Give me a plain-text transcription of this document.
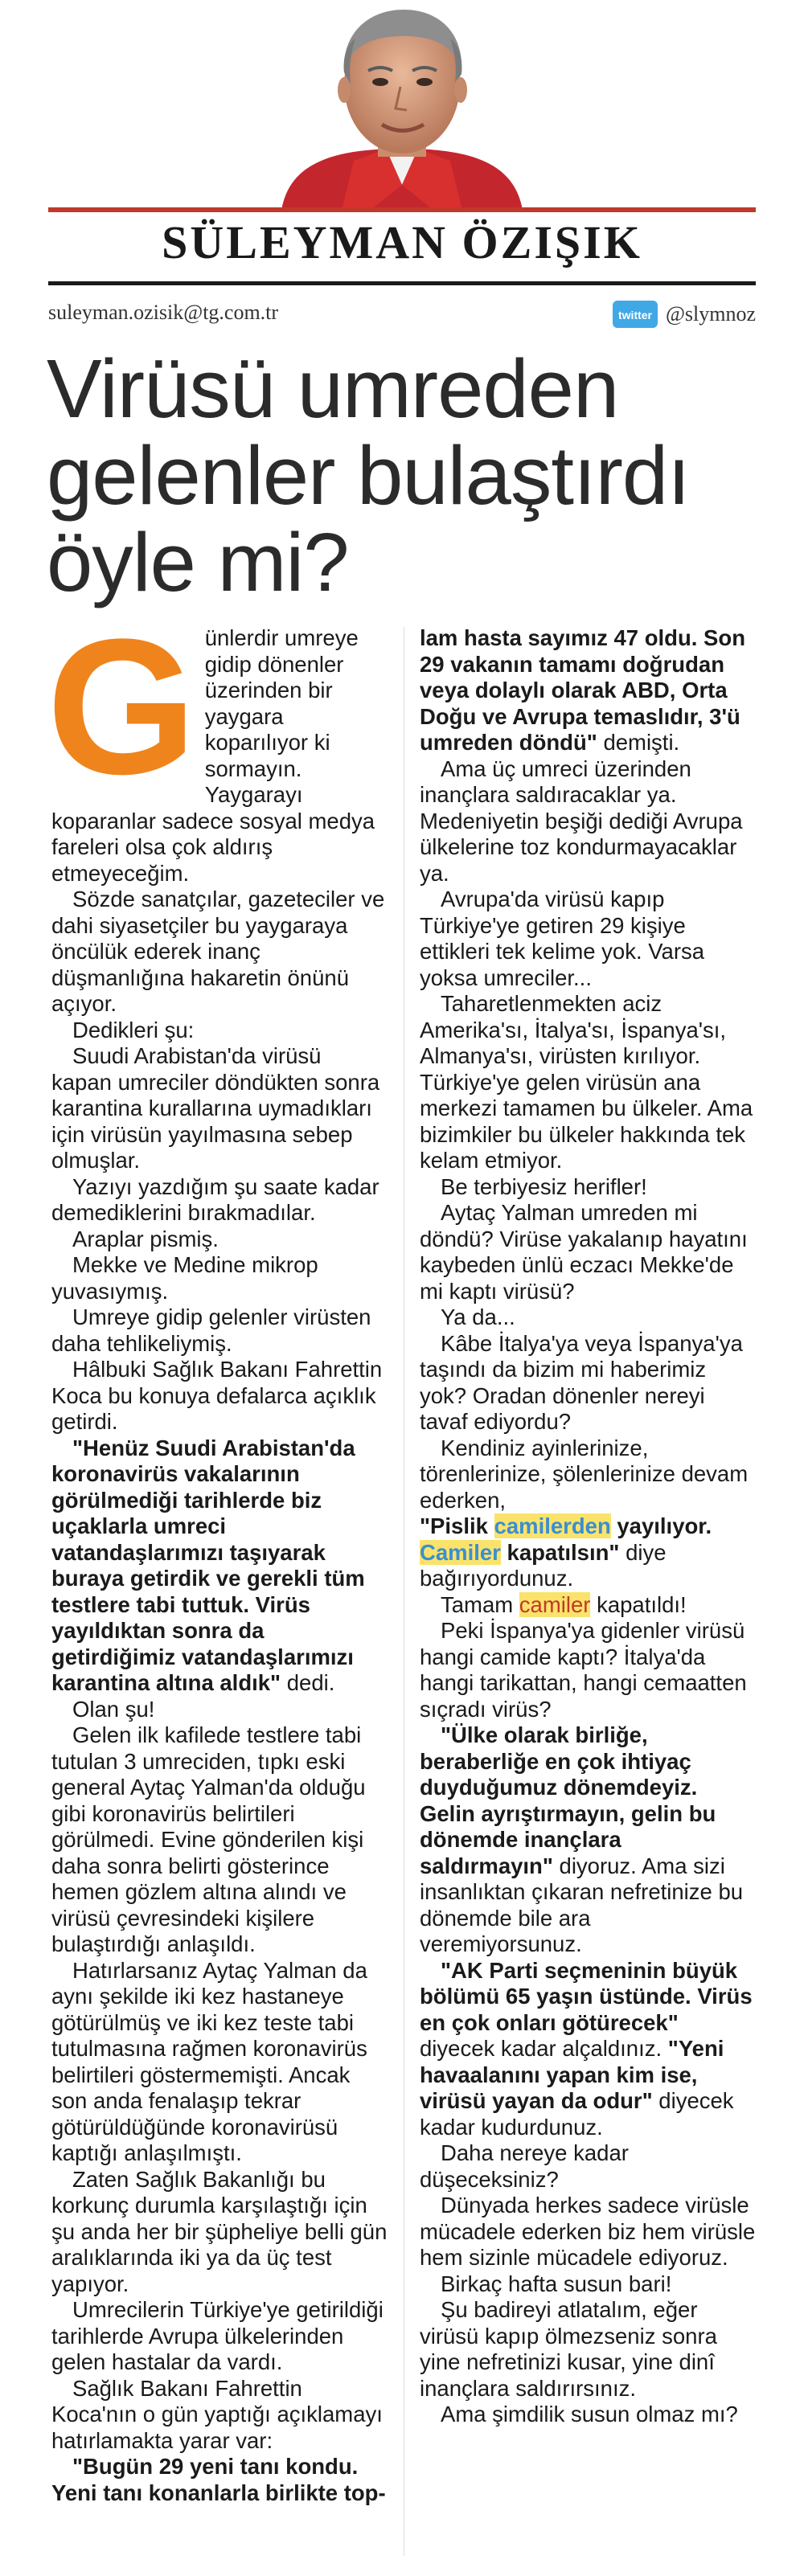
SÜLEYMAN ÖZIŞIK
suleyman.ozisik@tg.com.tr	twitter @slymnoz
Virüsü umreden
gelenler bulaştırdı
öyle mi?

Günlerdir umreye gidip dönenler üzerinden bir yaygara koparılıyor ki sormayın. Yaygarayı koparanlar sadece sosyal medya fareleri olsa çok aldırış etmeyeceğim.

Sözde sanatçılar, gazeteciler ve dahi siyasetçiler bu yaygaraya öncülük ederek inanç düşmanlığına hakaretin önünü açıyor.

Dedikleri şu:

Suudi Arabistan'da virüsü kapan umreciler döndükten sonra karantina kurallarına uymadıkları için virüsün yayılmasına sebep olmuşlar.

Yazıyı yazdığım şu saate kadar demediklerini bırakmadılar.

Araplar pismiş.

Mekke ve Medine mikrop yuvasıymış.

Umreye gidip gelenler virüsten daha tehlikeliymiş.

Hâlbuki Sağlık Bakanı Fahrettin Koca bu konuya defalarca açıklık getirdi.

"Henüz Suudi Arabistan'da koronavirüs vakalarının görülmediği tarihlerde biz uçaklarla umreci vatandaşlarımızı taşıyarak buraya getirdik ve gerekli tüm testlere tabi tuttuk. Virüs yayıldıktan sonra da getirdiğimiz vatandaşlarımızı karantina altına aldık" dedi.

Olan şu!

Gelen ilk kafilede testlere tabi tutulan 3 umreciden, tıpkı eski general Aytaç Yalman'da olduğu gibi koronavirüs belirtileri görülmedi. Evine gönderilen kişi daha sonra belirti gösterince hemen gözlem altına alındı ve virüsü çevresindeki kişilere bulaştırdığı anlaşıldı.

Hatırlarsanız Aytaç Yalman da aynı şekilde iki kez hastaneye götürülmüş ve iki kez teste tabi tutulmasına rağmen koronavirüs belirtileri göstermemişti. Ancak son anda fenalaşıp tekrar götürüldüğünde koronavirüsü kaptığı anlaşılmıştı.

Zaten Sağlık Bakanlığı bu korkunç durumla karşılaştığı için şu anda her bir şüpheliye belli gün aralıklarında iki ya da üç test yapıyor.

Umrecilerin Türkiye'ye getirildiği tarihlerde Avrupa ülkelerinden gelen hastalar da vardı.

Sağlık Bakanı Fahrettin Koca'nın o gün yaptığı açıklamayı hatırlamakta yarar var:

"Bugün 29 yeni tanı kondu. Yeni tanı konanlarla birlikte top-

lam hasta sayımız 47 oldu. Son 29 vakanın tamamı doğrudan veya dolaylı olarak ABD, Orta Doğu ve Avrupa temaslıdır, 3'ü umreden döndü" demişti.

Ama üç umreci üzerinden inançlara saldıracaklar ya. Medeniyetin beşiği dediği Avrupa ülkelerine toz kondurmayacaklar ya.

Avrupa'da virüsü kapıp Türkiye'ye getiren 29 kişiye ettikleri tek kelime yok. Varsa yoksa umreciler...

Taharetlenmekten aciz Amerika'sı, İtalya'sı, İspanya'sı, Almanya'sı, virüsten kırılıyor. Türkiye'ye gelen virüsün ana merkezi tamamen bu ülkeler. Ama bizimkiler bu ülkeler hakkında tek kelam etmiyor.

Be terbiyesiz herifler!

Aytaç Yalman umreden mi döndü? Virüse yakalanıp hayatını kaybeden ünlü eczacı Mekke'de mi kaptı virüsü?

Ya da...

Kâbe İtalya'ya veya İspanya'ya taşındı da bizim mi haberimiz yok? Oradan dönenler nereyi tavaf ediyordu?

Kendiniz ayinlerinize, törenlerinize, şölenlerinize devam ederken,

"Pislik camilerden yayılıyor. Camiler kapatılsın" diye bağırıyordunuz.

Tamam camiler kapatıldı!

Peki İspanya'ya gidenler virüsü hangi camide kaptı? İtalya'da hangi tarikattan, hangi cemaatten sıçradı virüs?

"Ülke olarak birliğe, beraberliğe en çok ihtiyaç duyduğumuz dönemdeyiz. Gelin ayrıştırmayın, gelin bu dönemde inançlara saldırmayın" diyoruz. Ama sizi insanlıktan çıkaran nefretinize bu dönemde bile ara veremiyorsunuz.

"AK Parti seçmeninin büyük bölümü 65 yaşın üstünde. Virüs en çok onları götürecek" diyecek kadar alçaldınız. "Yeni havaalanını yapan kim ise, virüsü yayan da odur" diyecek kadar kudurdunuz.

Daha nereye kadar düşeceksiniz?

Dünyada herkes sadece virüsle mücadele ederken biz hem virüsle hem sizinle mücadele ediyoruz.

Birkaç hafta susun bari!

Şu badireyi atlatalım, eğer virüsü kapıp ölmezseniz sonra yine nefretinizi kusar, yine dinî inançlara saldırırsınız.

Ama şimdilik susun olmaz mı?
